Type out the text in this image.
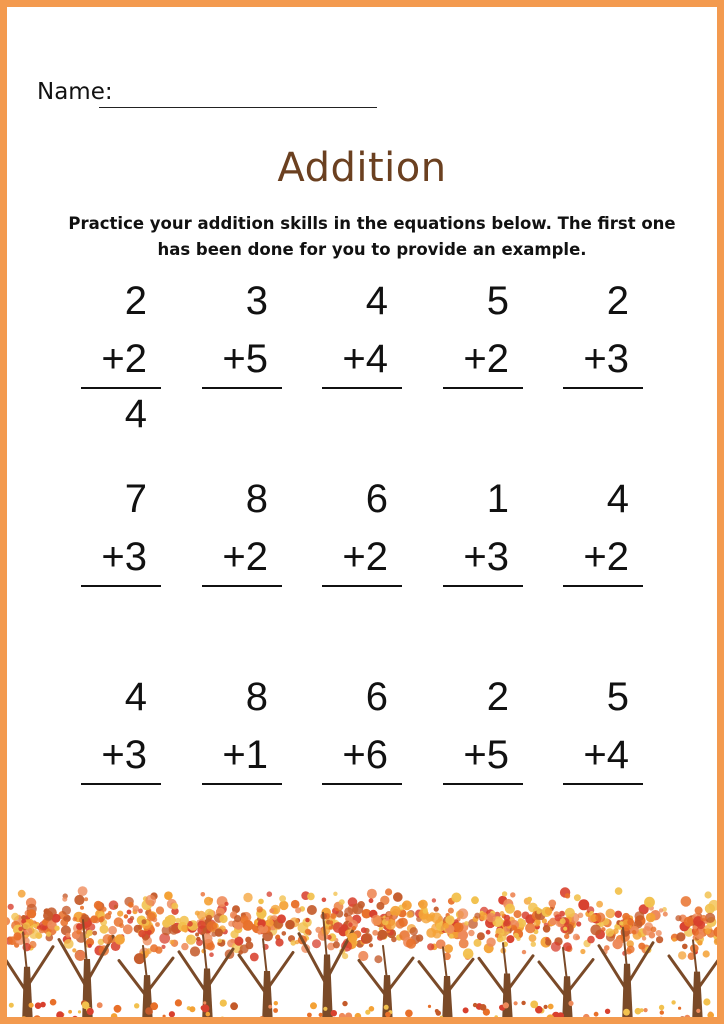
Name:
Addition
Practice your addition skills in the equations below. The first one
has been done for you to provide an example.
2
+2
4
3
+5
4
+4
5
+2
2
+3
7
+3
8
+2
6
+2
1
+3
4
+2
4
+3
8
+1
6
+6
2
+5
5
+4
